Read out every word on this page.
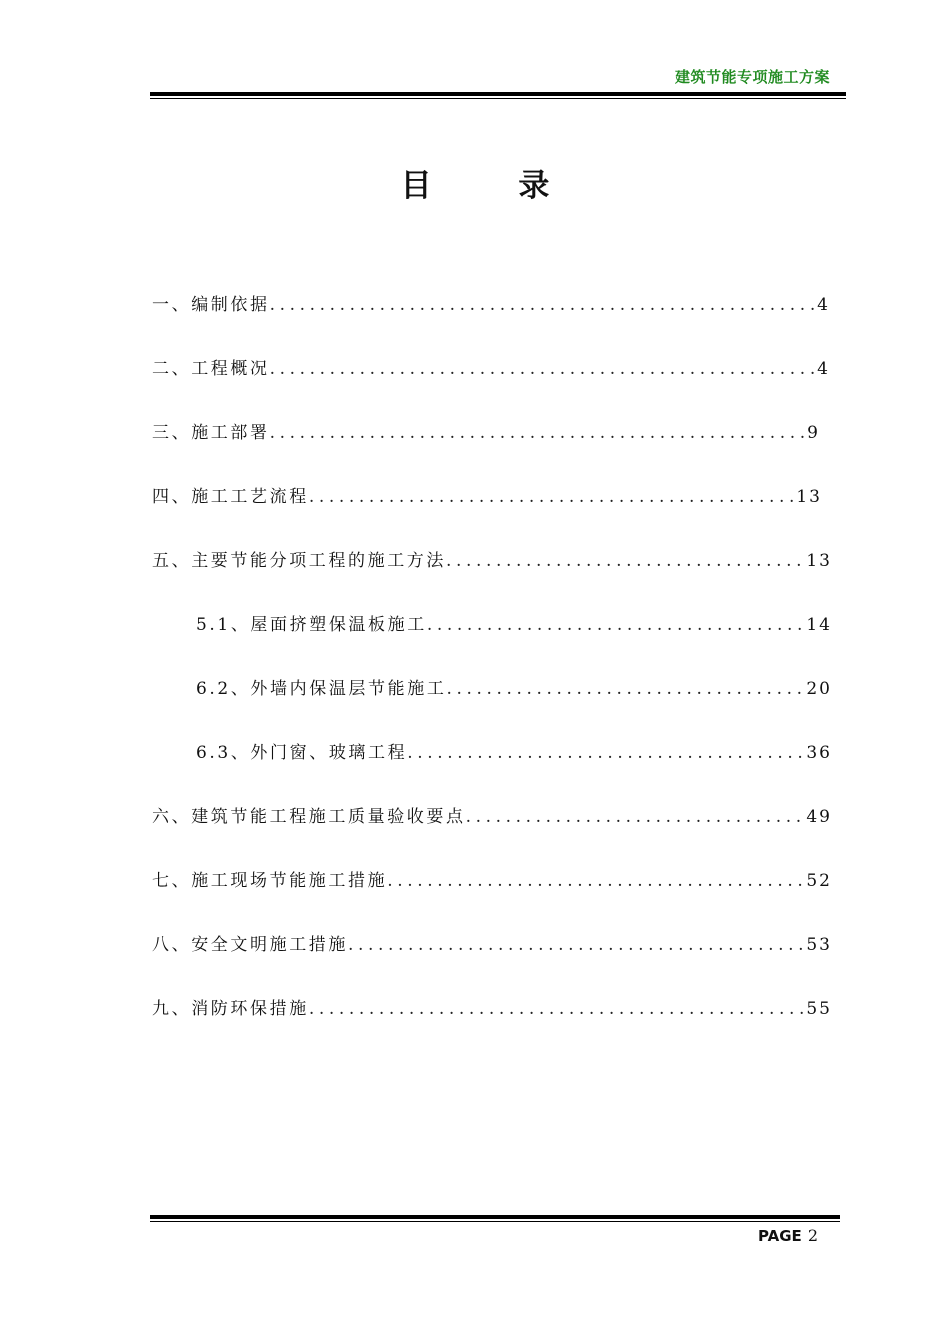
建筑节能专项施工方案
目 录
一、编制依据 .....	4
二、工程概况 .....	4
三、施工部署 .....	9
四、施工工艺流程 .....	13
五、主要节能分项工程的施工方法 .....	13
5.1、屋面挤塑保温板施工 .....	14
6.2、外墙内保温层节能施工 .....	20
6.3、外门窗、玻璃工程 .....	36
六、建筑节能工程施工质量验收要点 .....	49
七、施工现场节能施工措施 .....	52
八、安全文明施工措施 .....	53
九、消防环保措施 .....	55
PAGE 2
